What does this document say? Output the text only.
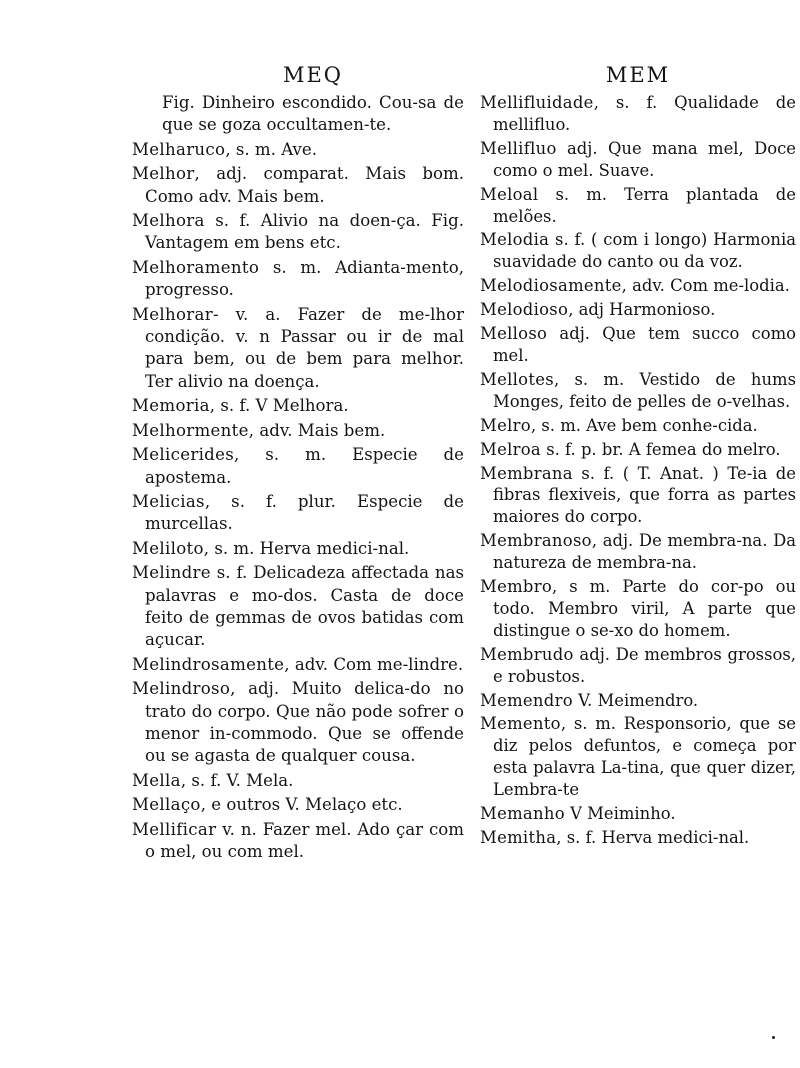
MEQ

Fig. Dinheiro escondido. Cou-sa de que se goza occultamen-te.

Melharuco, s. m. Ave.

Melhor, adj. comparat. Mais bom. Como adv. Mais bem.

Melhora s. f. Alivio na doen-ça. Fig. Vantagem em bens etc.

Melhoramento s. m. Adianta-mento, progresso.

Melhorar- v. a. Fazer de me-lhor condição. v. n Passar ou ir de mal para bem, ou de bem para melhor. Ter alivio na doença.

Memoria, s. f. V Melhora.

Melhormente, adv. Mais bem.

Melicerides, s. m. Especie de apostema.

Melicias, s. f. plur. Especie de murcellas.

Meliloto, s. m. Herva medici-nal.

Melindre s. f. Delicadeza affectada nas palavras e mo-dos. Casta de doce feito de gemmas de ovos batidas com açucar.

Melindrosamente, adv. Com me-lindre.

Melindroso, adj. Muito delica-do no trato do corpo. Que não pode sofrer o menor in-commodo. Que se offende ou se agasta de qualquer cousa.

Mella, s. f. V. Mela.

Mellaço, e outros V. Melaço etc.

Mellificar v. n. Fazer mel. Ado çar com o mel, ou com mel.

MEM

Mellifluidade, s. f. Qualidade de mellifluo.

Mellifluo adj. Que mana mel, Doce como o mel. Suave.

Meloal s. m. Terra plantada de melões.

Melodia s. f. ( com i longo) Harmonia suavidade do canto ou da voz.

Melodiosamente, adv. Com me-lodia.

Melodioso, adj Harmonioso.

Melloso adj. Que tem succo como mel.

Mellotes, s. m. Vestido de hums Monges, feito de pelles de o-velhas.

Melro, s. m. Ave bem conhe-cida.

Melroa s. f. p. br. A femea do melro.

Membrana s. f. ( T. Anat. ) Te-ia de fibras flexiveis, que forra as partes maiores do corpo.

Membranoso, adj. De membra-na. Da natureza de membra-na.

Membro, s m. Parte do cor-po ou todo. Membro viril, A parte que distingue o se-xo do homem.

Membrudo adj. De membros grossos, e robustos.

Memendro V. Meimendro.

Memento, s. m. Responsorio, que se diz pelos defuntos, e começa por esta palavra La-tina, que quer dizer, Lembra-te

Memanho V Meiminho.

Memitha, s. f. Herva medici-nal.
